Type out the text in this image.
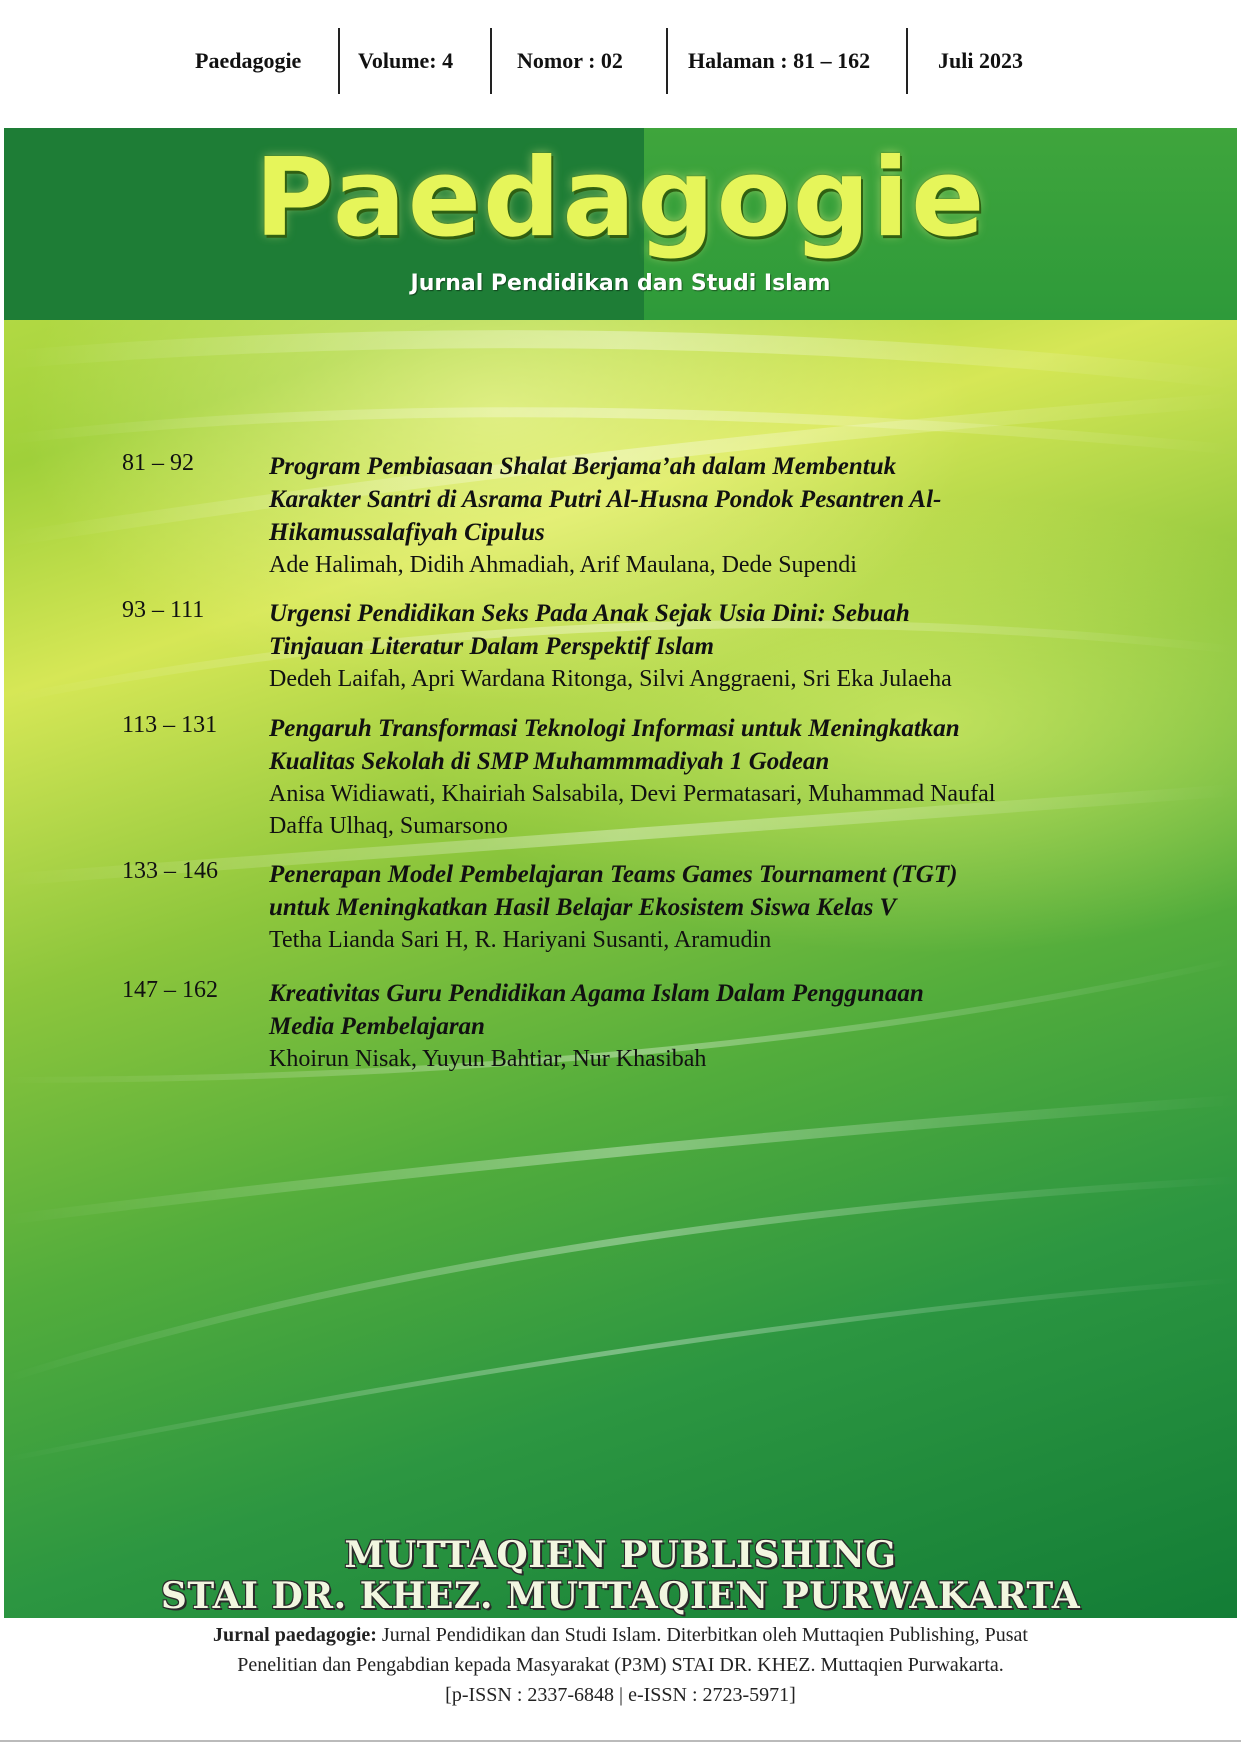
Paedagogie	Volume: 4	Nomor : 02	Halaman : 81 – 162	Juli 2023
Paedagogie
Jurnal Pendidikan dan Studi Islam
81 – 92	Program Pembiasaan Shalat Berjama’ah dalam Membentuk
Karakter Santri di Asrama Putri Al-Husna Pondok Pesantren Al-
Hikamussalafiyah Cipulus
Ade Halimah, Didih Ahmadiah, Arif Maulana, Dede Supendi
93 – 111	Urgensi Pendidikan Seks Pada Anak Sejak Usia Dini: Sebuah
Tinjauan Literatur Dalam Perspektif Islam
Dedeh Laifah, Apri Wardana Ritonga, Silvi Anggraeni, Sri Eka Julaeha
113 – 131 Pengaruh Transformasi Teknologi Informasi untuk Meningkatkan
Kualitas Sekolah di SMP Muhammmadiyah 1 Godean
Anisa Widiawati, Khairiah Salsabila, Devi Permatasari, Muhammad Naufal
Daffa Ulhaq, Sumarsono
133 – 146 Penerapan Model Pembelajaran Teams Games Tournament (TGT)
untuk Meningkatkan Hasil Belajar Ekosistem Siswa Kelas V
Tetha Lianda Sari H, R. Hariyani Susanti, Aramudin
147 – 162 Kreativitas Guru Pendidikan Agama Islam Dalam Penggunaan
Media Pembelajaran
Khoirun Nisak, Yuyun Bahtiar, Nur Khasibah
MUTTAQIEN PUBLISHING
STAI DR. KHEZ. MUTTAQIEN PURWAKARTA
Jurnal paedagogie: Jurnal Pendidikan dan Studi Islam. Diterbitkan oleh Muttaqien Publishing, Pusat
Penelitian dan Pengabdian kepada Masyarakat (P3M) STAI DR. KHEZ. Muttaqien Purwakarta.
[p-ISSN : 2337-6848 | e-ISSN : 2723-5971]
